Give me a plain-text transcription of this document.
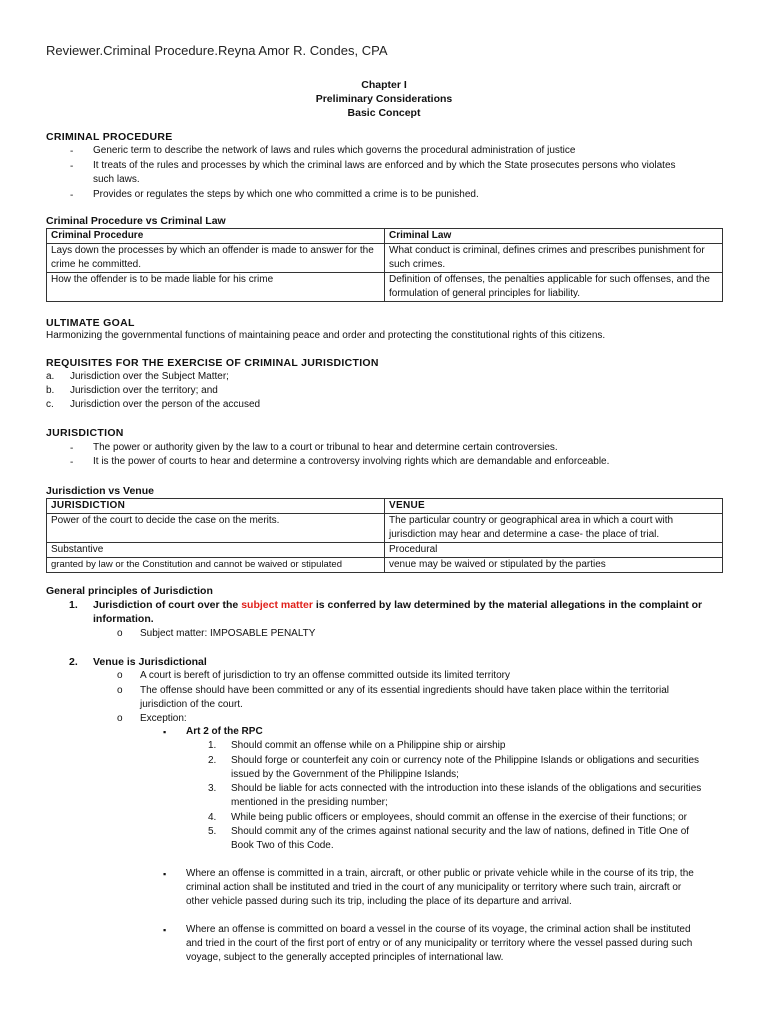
Reviewer.Criminal Procedure.Reyna Amor R. Condes, CPA
Chapter I
Preliminary Considerations
Basic Concept
CRIMINAL PROCEDURE
- Generic term to describe the network of laws and rules which governs the procedural administration of justice
- It treats of the rules and processes by which the criminal laws are enforced and by which the State prosecutes persons who violates
such laws.
- Provides or regulates the steps by which one who committed a crime is to be punished.
Criminal Procedure vs Criminal Law
Criminal Procedure	Criminal Law
Lays down the processes by which an offender is made to answer for the crime he committed.	What conduct is criminal, defines crimes and prescribes punishment for such crimes.
How the offender is to be made liable for his crime	Definition of offenses, the penalties applicable for such offenses, and the formulation of general principles for liability.
ULTIMATE GOAL
Harmonizing the governmental functions of maintaining peace and order and protecting the constitutional rights of this citizens.
REQUISITES FOR THE EXERCISE OF CRIMINAL JURISDICTION
a. Jurisdiction over the Subject Matter;
b. Jurisdiction over the territory; and
c. Jurisdiction over the person of the accused
JURISDICTION
- The power or authority given by the law to a court or tribunal to hear and determine certain controversies.
- It is the power of courts to hear and determine a controversy involving rights which are demandable and enforceable.
Jurisdiction vs Venue
JURISDICTION	VENUE
Power of the court to decide the case on the merits.	The particular country or geographical area in which a court with jurisdiction may hear and determine a case- the place of trial.
Substantive	Procedural
granted by law or the Constitution and cannot be waived or stipulated	venue may be waived or stipulated by the parties
General principles of Jurisdiction
1. Jurisdiction of court over the subject matter is conferred by law determined by the material allegations in the complaint or
information.
o Subject matter: IMPOSABLE PENALTY
2. Venue is Jurisdictional
o A court is bereft of jurisdiction to try an offense committed outside its limited territory
o The offense should have been committed or any of its essential ingredients should have taken place within the territorial
jurisdiction of the court.
o Exception:
▪ Art 2 of the RPC
1. Should commit an offense while on a Philippine ship or airship
2. Should forge or counterfeit any coin or currency note of the Philippine Islands or obligations and securities
issued by the Government of the Philippine Islands;
3. Should be liable for acts connected with the introduction into these islands of the obligations and securities
mentioned in the presiding number;
4. While being public officers or employees, should commit an offense in the exercise of their functions; or
5. Should commit any of the crimes against national security and the law of nations, defined in Title One of
Book Two of this Code.
▪ Where an offense is committed in a train, aircraft, or other public or private vehicle while in the course of its trip, the
criminal action shall be instituted and tried in the court of any municipality or territory where such train, aircraft or
other vehicle passed during such its trip, including the place of its departure and arrival.
▪ Where an offense is committed on board a vessel in the course of its voyage, the criminal action shall be instituted
and tried in the court of the first port of entry or of any municipality or territory where the vessel passed during such
voyage, subject to the generally accepted principles of international law.
